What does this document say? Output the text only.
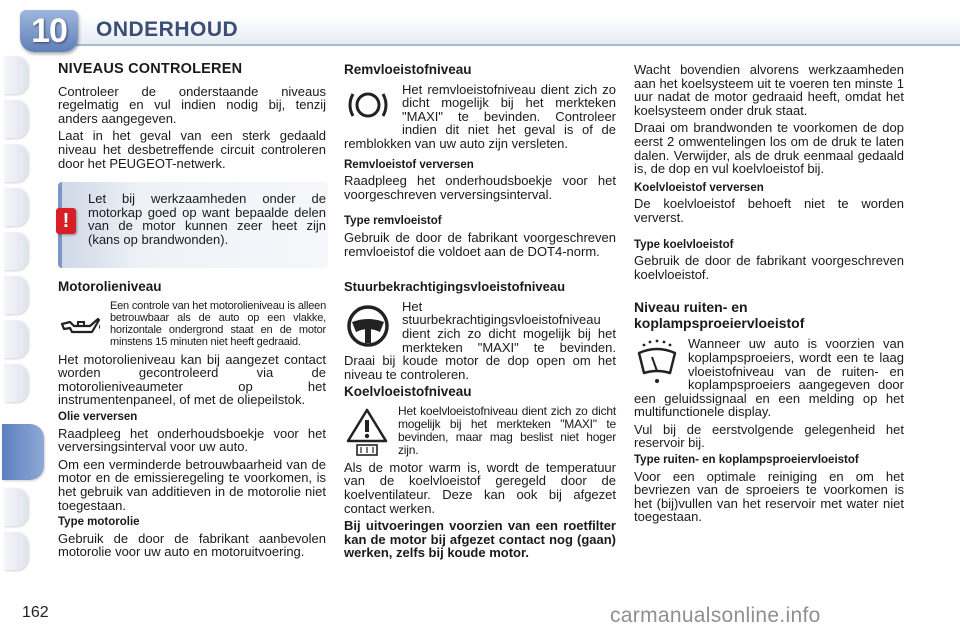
10	ONDERHOUD
NIVEAUS CONTROLEREN

Controleer de onderstaande niveaus regelmatig en vul indien nodig bij, tenzij anders aangegeven.

Laat in het geval van een sterk gedaald niveau het desbetreffende circuit controleren door het PEUGEOT-netwerk.

!
Let bij werkzaamheden onder de motorkap goed op want bepaalde delen van de motor kunnen zeer heet zijn (kans op brandwonden).
Motorolieniveau

Een controle van het motorolieniveau is alleen betrouwbaar als de auto op een vlakke, horizontale ondergrond staat en de motor minstens 15 minuten niet heeft gedraaid.

Het motorolieniveau kan bij aangezet contact worden gecontroleerd via de motorolieniveaumeter op het instrumentenpaneel, of met de oliepeilstok.

Olie verversen

Raadpleeg het onderhoudsboekje voor het verversingsinterval voor uw auto.

Om een verminderde betrouwbaarheid van de motor en de emissieregeling te voorkomen, is het gebruik van additieven in de motorolie niet toegestaan.

Type motorolie

Gebruik de door de fabrikant aanbevolen motorolie voor uw auto en motoruitvoering.

Remvloeistofniveau

Het remvloeistofniveau dient zich zo dicht mogelijk bij het merkteken "MAXI" te bevinden. Controleer indien dit niet het geval is of de remblokken van uw auto zijn versleten.

Remvloeistof verversen

Raadpleeg het onderhoudsboekje voor het voorgeschreven verversingsinterval.

Type remvloeistof

Gebruik de door de fabrikant voorgeschreven remvloeistof die voldoet aan de DOT4-norm.

Stuurbekrachtigingsvloeistofniveau

Het stuurbekrachtigingsvloeistofniveau dient zich zo dicht mogelijk bij het merkteken "MAXI" te bevinden. Draai bij koude motor de dop open om het niveau te controleren.

Koelvloeistofniveau

Het koelvloeistofniveau dient zich zo dicht mogelijk bij het merkteken "MAXI" te bevinden, maar mag beslist niet hoger zijn.

Als de motor warm is, wordt de temperatuur van de koelvloeistof geregeld door de koelventilateur. Deze kan ook bij afgezet contact werken.

Bij uitvoeringen voorzien van een roetfilter kan de motor bij afgezet contact nog (gaan) werken, zelfs bij koude motor.

Wacht bovendien alvorens werkzaamheden aan het koelsysteem uit te voeren ten minste 1 uur nadat de motor gedraaid heeft, omdat het koelsysteem onder druk staat.

Draai om brandwonden te voorkomen de dop eerst 2 omwentelingen los om de druk te laten dalen. Verwijder, als de druk eenmaal gedaald is, de dop en vul koelvloeistof bij.

Koelvloeistof verversen

De koelvloeistof behoeft niet te worden ververst.

Type koelvloeistof

Gebruik de door de fabrikant voorgeschreven koelvloeistof.

Niveau ruiten- en koplampsproeiervloeistof

Wanneer uw auto is voorzien van koplampsproeiers, wordt een te laag vloeistofniveau van de ruiten- en koplampsproeiers aangegeven door een geluidssignaal en een melding op het multifunctionele display.

Vul bij de eerstvolgende gelegenheid het reservoir bij.

Type ruiten- en koplampsproeiervloeistof

Voor een optimale reiniging en om het bevriezen van de sproeiers te voorkomen is het (bij)vullen van het reservoir met water niet toegestaan.

162	carmanualsonline.info
